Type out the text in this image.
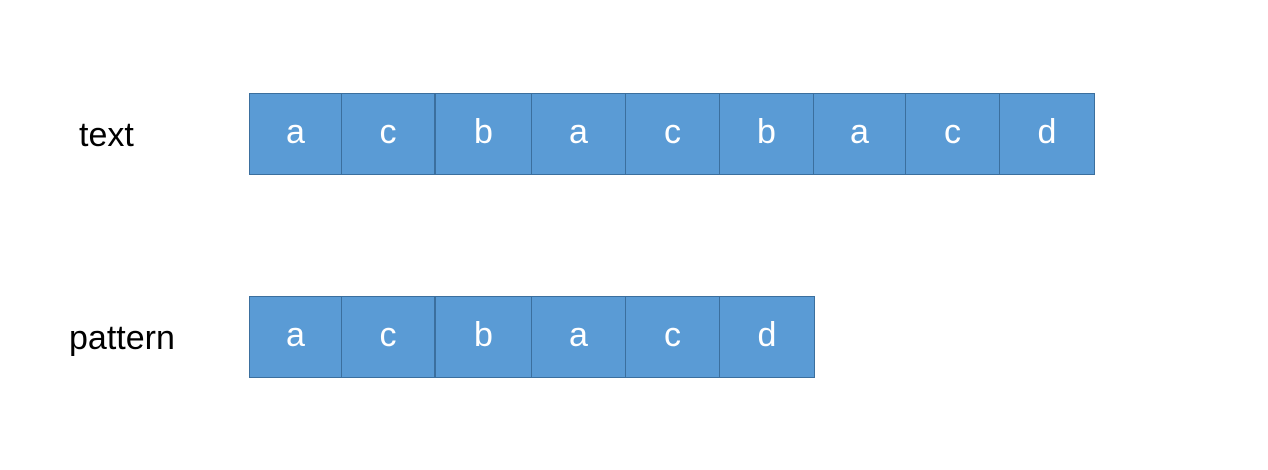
text	a	c	b	a	c	b	a	c	d
pattern	a	c	b	a	c	d
